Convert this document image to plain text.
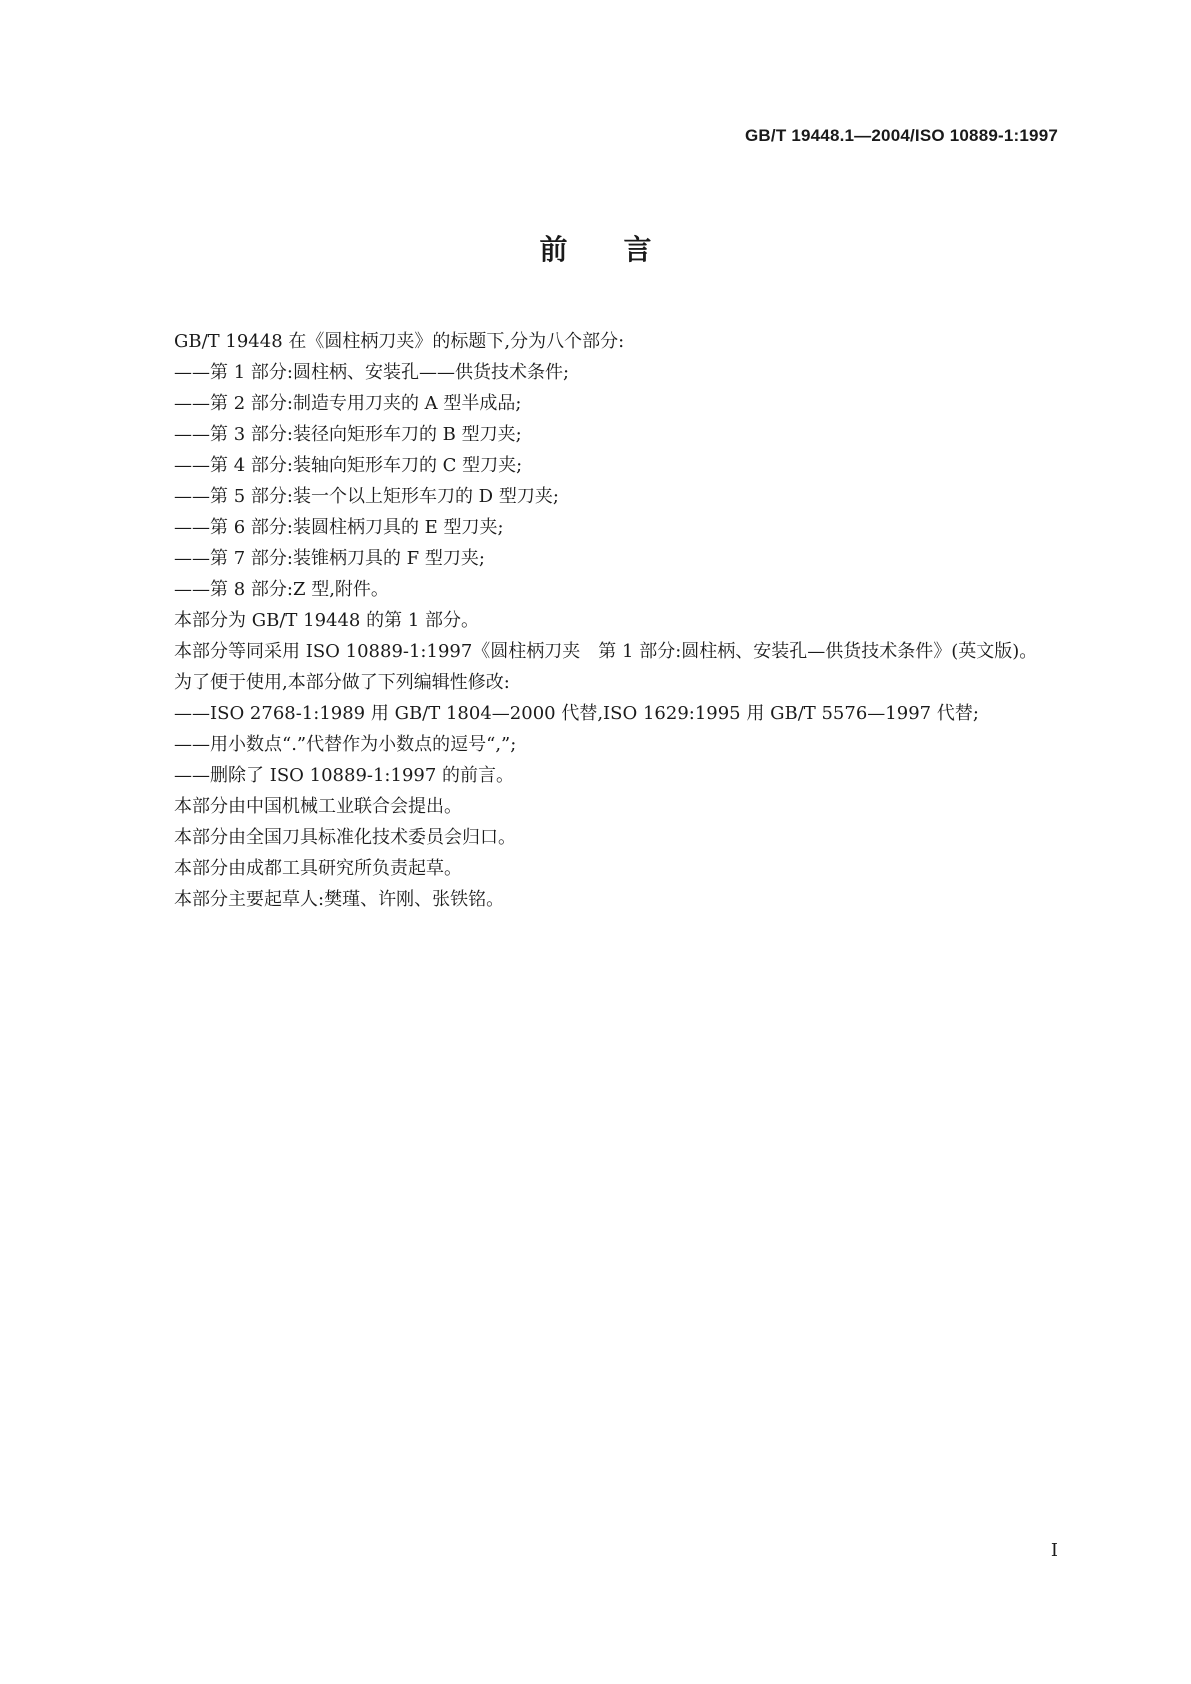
GB/T 19448.1—2004/ISO 10889-1:1997
前言

GB/T 19448 在《圆柱柄刀夹》的标题下,分为八个部分:

——第 1 部分:圆柱柄、安装孔——供货技术条件;

——第 2 部分:制造专用刀夹的 A 型半成品;

——第 3 部分:装径向矩形车刀的 B 型刀夹;

——第 4 部分:装轴向矩形车刀的 C 型刀夹;

——第 5 部分:装一个以上矩形车刀的 D 型刀夹;

——第 6 部分:装圆柱柄刀具的 E 型刀夹;

——第 7 部分:装锥柄刀具的 F 型刀夹;

——第 8 部分:Z 型,附件。

本部分为 GB/T 19448 的第 1 部分。

本部分等同采用 ISO 10889-1:1997《圆柱柄刀夹　第 1 部分:圆柱柄、安装孔—供货技术条件》(英文版)。

为了便于使用,本部分做了下列编辑性修改:

——ISO 2768-1:1989 用 GB/T 1804—2000 代替,ISO 1629:1995 用 GB/T 5576—1997 代替;

——用小数点“.”代替作为小数点的逗号“,”;

——删除了 ISO 10889-1:1997 的前言。

本部分由中国机械工业联合会提出。

本部分由全国刀具标准化技术委员会归口。

本部分由成都工具研究所负责起草。

本部分主要起草人:樊瑾、许刚、张铁铭。

I
